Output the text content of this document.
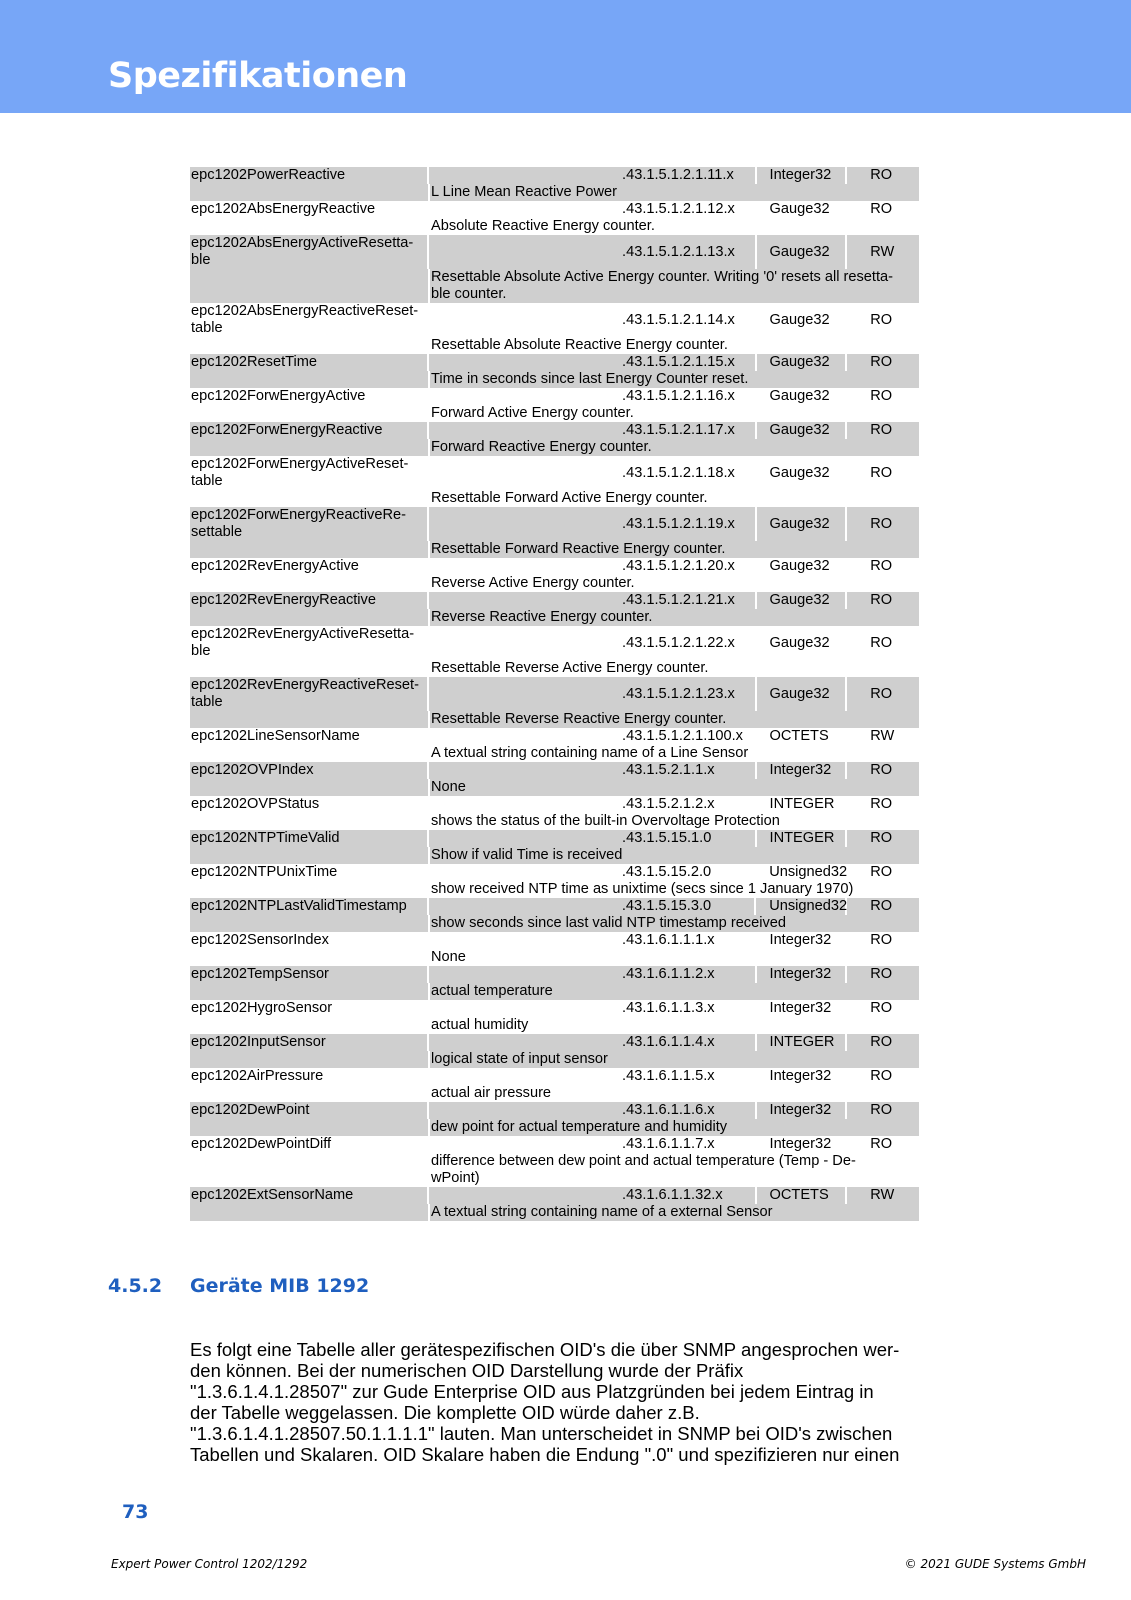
Spezifikationen
epc1202PowerReactive	.43.1.5.1.2.1.11.x	Integer32	RO
L Line Mean Reactive Power
epc1202AbsEnergyReactive	.43.1.5.1.2.1.12.x	Gauge32	RO
Absolute Reactive Energy counter.
epc1202AbsEnergyActiveResetta-
ble	.43.1.5.1.2.1.13.x	Gauge32	RW
Resettable Absolute Active Energy counter. Writing '0' resets all resetta-
ble counter.
epc1202AbsEnergyReactiveReset-
table	.43.1.5.1.2.1.14.x	Gauge32	RO
Resettable Absolute Reactive Energy counter.
epc1202ResetTime	.43.1.5.1.2.1.15.x	Gauge32	RO
Time in seconds since last Energy Counter reset.
epc1202ForwEnergyActive	.43.1.5.1.2.1.16.x	Gauge32	RO
Forward Active Energy counter.
epc1202ForwEnergyReactive	.43.1.5.1.2.1.17.x	Gauge32	RO
Forward Reactive Energy counter.
epc1202ForwEnergyActiveReset-
table	.43.1.5.1.2.1.18.x	Gauge32	RO
Resettable Forward Active Energy counter.
epc1202ForwEnergyReactiveRe-
settable	.43.1.5.1.2.1.19.x	Gauge32	RO
Resettable Forward Reactive Energy counter.
epc1202RevEnergyActive	.43.1.5.1.2.1.20.x	Gauge32	RO
Reverse Active Energy counter.
epc1202RevEnergyReactive	.43.1.5.1.2.1.21.x	Gauge32	RO
Reverse Reactive Energy counter.
epc1202RevEnergyActiveResetta-
ble	.43.1.5.1.2.1.22.x	Gauge32	RO
Resettable Reverse Active Energy counter.
epc1202RevEnergyReactiveReset-
table	.43.1.5.1.2.1.23.x	Gauge32	RO
Resettable Reverse Reactive Energy counter.
epc1202LineSensorName	.43.1.5.1.2.1.100.x	OCTETS	RW
A textual string containing name of a Line Sensor
epc1202OVPIndex	.43.1.5.2.1.1.x	Integer32	RO
None
epc1202OVPStatus	.43.1.5.2.1.2.x	INTEGER	RO
shows the status of the built-in Overvoltage Protection
epc1202NTPTimeValid	.43.1.5.15.1.0	INTEGER	RO
Show if valid Time is received
epc1202NTPUnixTime	.43.1.5.15.2.0	Unsigned32	RO
show received NTP time as unixtime (secs since 1 January 1970)
epc1202NTPLastValidTimestamp	.43.1.5.15.3.0	Unsigned32	RO
show seconds since last valid NTP timestamp received
epc1202SensorIndex	.43.1.6.1.1.1.x	Integer32	RO
None
epc1202TempSensor	.43.1.6.1.1.2.x	Integer32	RO
actual temperature
epc1202HygroSensor	.43.1.6.1.1.3.x	Integer32	RO
actual humidity
epc1202InputSensor	.43.1.6.1.1.4.x	INTEGER	RO
logical state of input sensor
epc1202AirPressure	.43.1.6.1.1.5.x	Integer32	RO
actual air pressure
epc1202DewPoint	.43.1.6.1.1.6.x	Integer32	RO
dew point for actual temperature and humidity
epc1202DewPointDiff	.43.1.6.1.1.7.x	Integer32	RO
difference between dew point and actual temperature (Temp - De-
wPoint)
epc1202ExtSensorName	.43.1.6.1.1.32.x	OCTETS	RW
A textual string containing name of a external Sensor
4.5.2 Geräte MIB 1292
Es folgt eine Tabelle aller gerätespezifischen OID's die über SNMP angesprochen wer-
den können. Bei der numerischen OID Darstellung wurde der Präfix
"1.3.6.1.4.1.28507" zur Gude Enterprise OID aus Platzgründen bei jedem Eintrag in
der Tabelle weggelassen. Die komplette OID würde daher z.B.
"1.3.6.1.4.1.28507.50.1.1.1.1" lauten. Man unterscheidet in SNMP bei OID's zwischen
Tabellen und Skalaren. OID Skalare haben die Endung ".0" und spezifizieren nur einen
73
Expert Power Control 1202/1292	© 2021 GUDE Systems GmbH
